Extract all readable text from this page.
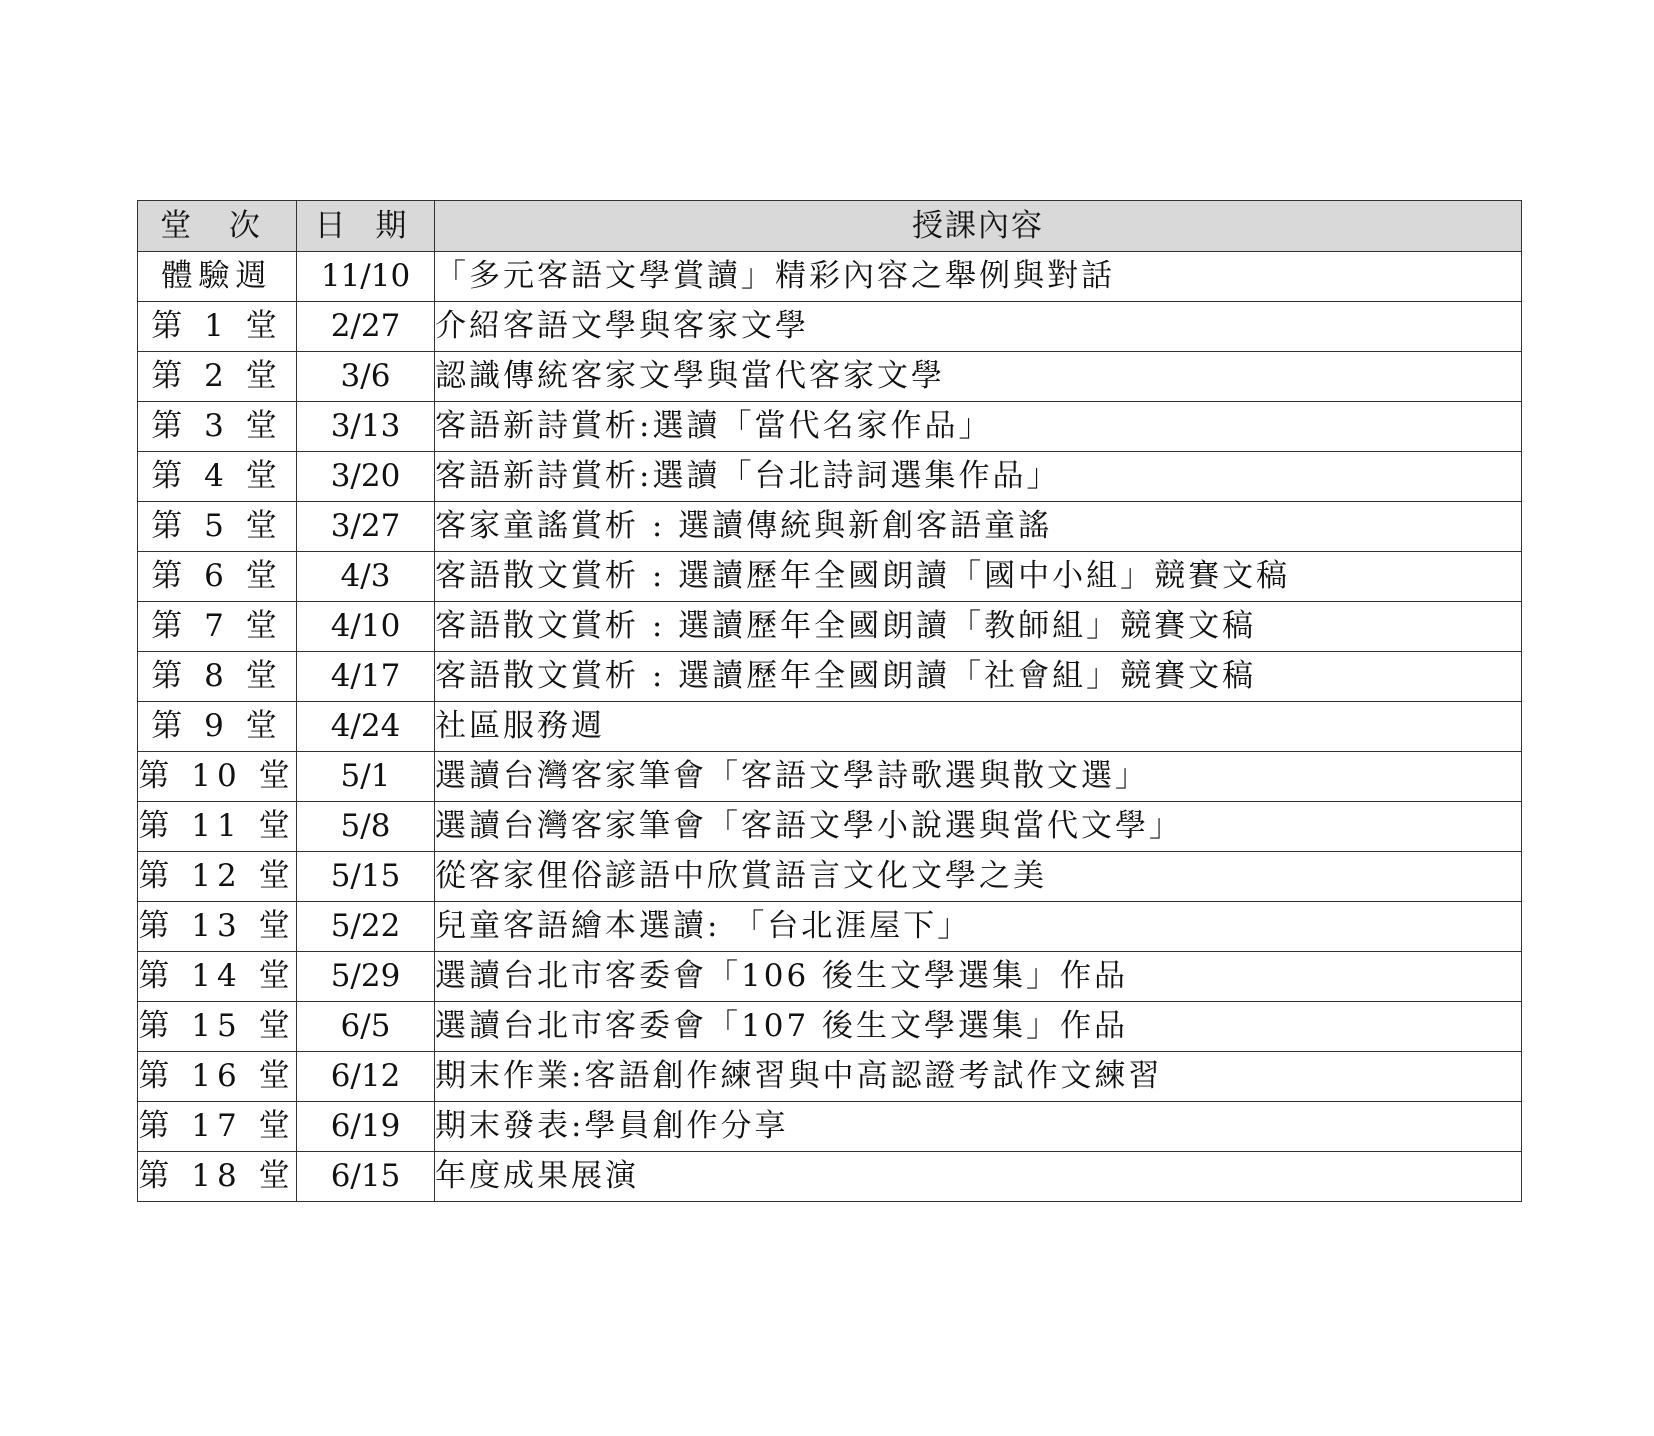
堂 次	日 期	授課內容
體驗週	11/10	「多元客語文學賞讀」精彩內容之舉例與對話
第 1 堂	2/27	介紹客語文學與客家文學
第 2 堂	3/6	認識傳統客家文學與當代客家文學
第 3 堂	3/13	客語新詩賞析:選讀「當代名家作品」
第 4 堂	3/20	客語新詩賞析:選讀「台北詩詞選集作品」
第 5 堂	3/27	客家童謠賞析 : 選讀傳統與新創客語童謠
第 6 堂	4/3	客語散文賞析 : 選讀歷年全國朗讀「國中小組」競賽文稿
第 7 堂	4/10	客語散文賞析 : 選讀歷年全國朗讀「教師組」競賽文稿
第 8 堂	4/17	客語散文賞析 : 選讀歷年全國朗讀「社會組」競賽文稿
第 9 堂	4/24	社區服務週
第 10 堂	5/1	選讀台灣客家筆會「客語文學詩歌選與散文選」
第 11 堂	5/8	選讀台灣客家筆會「客語文學小說選與當代文學」
第 12 堂	5/15	從客家俚俗諺語中欣賞語言文化文學之美
第 13 堂	5/22	兒童客語繪本選讀: 「台北涯屋下」
第 14 堂	5/29	選讀台北市客委會「106 後生文學選集」作品
第 15 堂	6/5	選讀台北市客委會「107 後生文學選集」作品
第 16 堂	6/12	期末作業:客語創作練習與中高認證考試作文練習
第 17 堂	6/19	期末發表:學員創作分享
第 18 堂	6/15	年度成果展演
